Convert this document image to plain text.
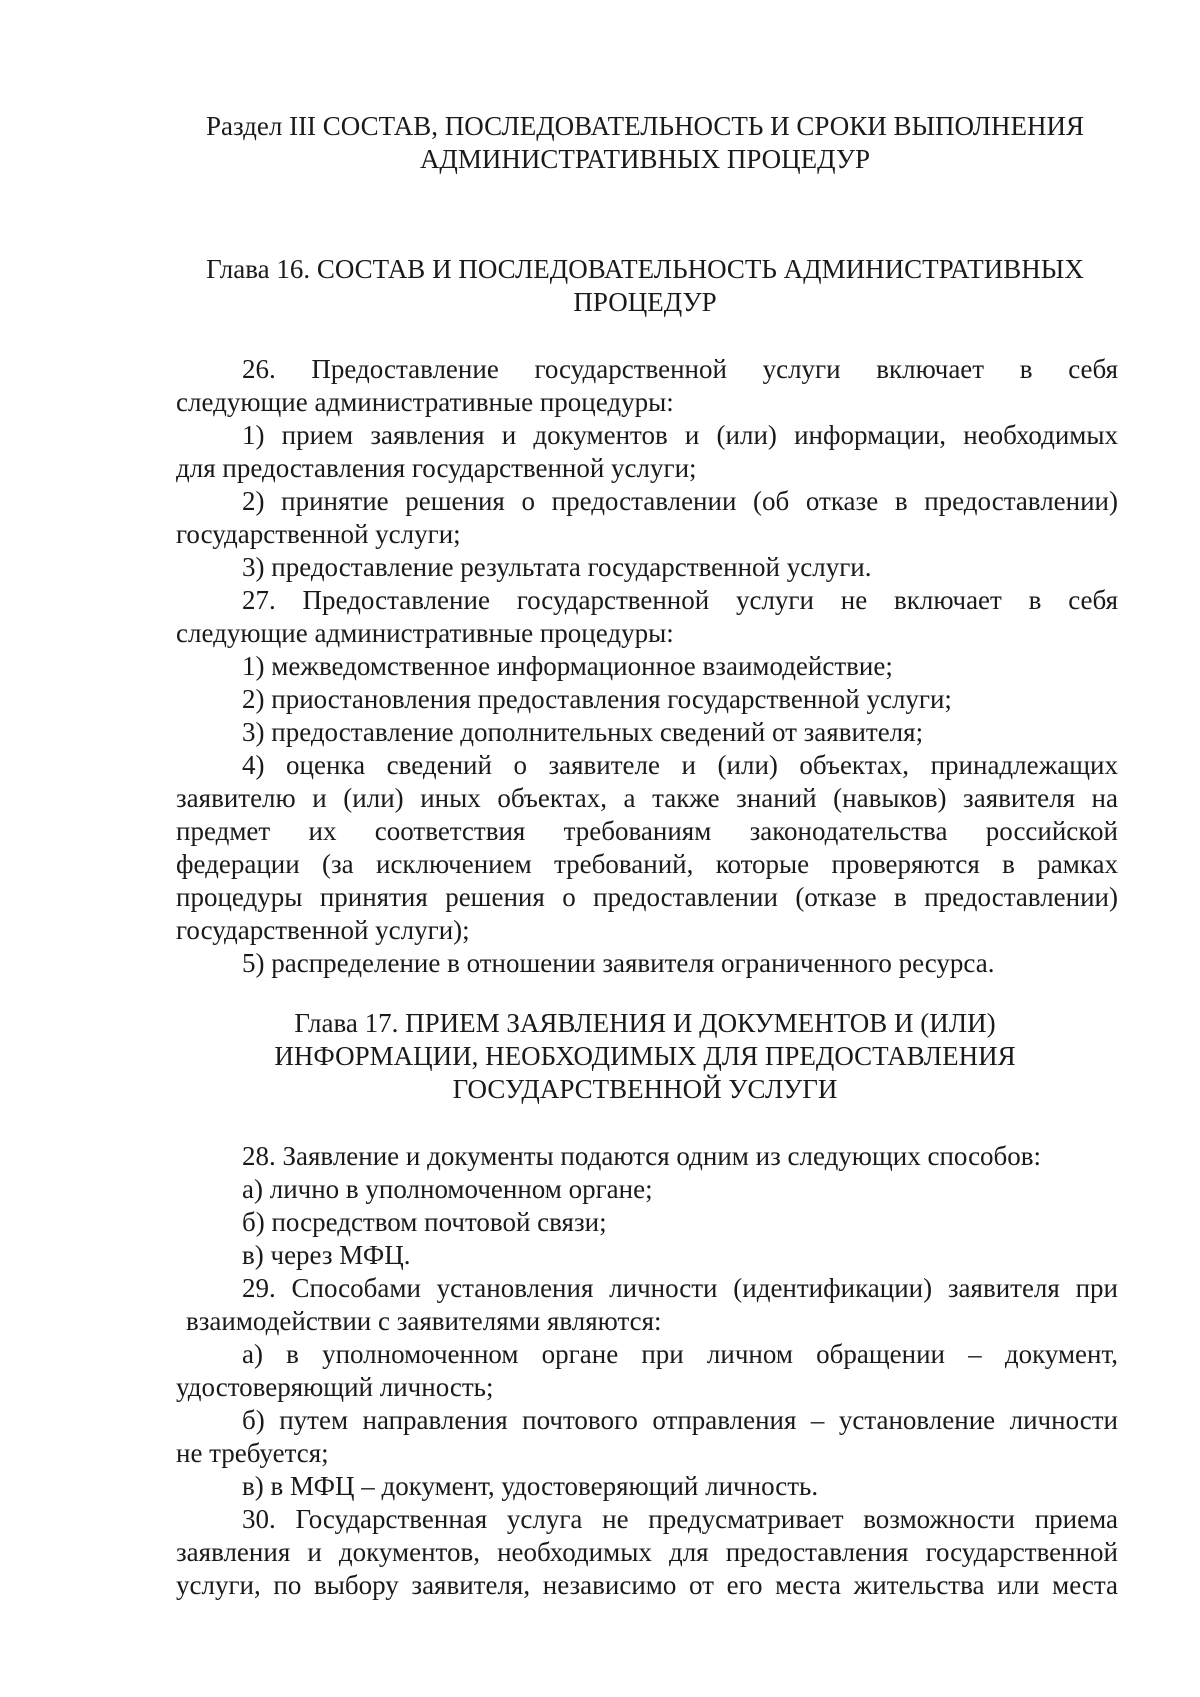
Раздел III СОСТАВ, ПОСЛЕДОВАТЕЛЬНОСТЬ И СРОКИ ВЫПОЛНЕНИЯ
АДМИНИСТРАТИВНЫХ ПРОЦЕДУР
Глава 16. СОСТАВ И ПОСЛЕДОВАТЕЛЬНОСТЬ АДМИНИСТРАТИВНЫХ
ПРОЦЕДУР
26. Предоставление государственной услуги включает в себя
следующие административные процедуры:
1) прием заявления и документов и (или) информации, необходимых
для предоставления государственной услуги;
2) принятие решения о предоставлении (об отказе в предоставлении)
государственной услуги;
3) предоставление результата государственной услуги.
27. Предоставление государственной услуги не включает в себя
следующие административные процедуры:
1) межведомственное информационное взаимодействие;
2) приостановления предоставления государственной услуги;
3) предоставление дополнительных сведений от заявителя;
4) оценка сведений о заявителе и (или) объектах, принадлежащих
заявителю и (или) иных объектах, а также знаний (навыков) заявителя на
предмет их соответствия требованиям законодательства российской
федерации (за исключением требований, которые проверяются в рамках
процедуры принятия решения о предоставлении (отказе в предоставлении)
государственной услуги);
5) распределение в отношении заявителя ограниченного ресурса.
Глава 17. ПРИЕМ ЗАЯВЛЕНИЯ И ДОКУМЕНТОВ И (ИЛИ)
ИНФОРМАЦИИ, НЕОБХОДИМЫХ ДЛЯ ПРЕДОСТАВЛЕНИЯ
ГОСУДАРСТВЕННОЙ УСЛУГИ
28. Заявление и документы подаются одним из следующих способов:
а) лично в уполномоченном органе;
б) посредством почтовой связи;
в) через МФЦ.
29. Способами установления личности (идентификации) заявителя при
взаимодействии с заявителями являются:
а) в уполномоченном органе при личном обращении – документ,
удостоверяющий личность;
б) путем направления почтового отправления – установление личности
не требуется;
в) в МФЦ – документ, удостоверяющий личность.
30. Государственная услуга не предусматривает возможности приема
заявления и документов, необходимых для предоставления государственной
услуги, по выбору заявителя, независимо от его места жительства или места
